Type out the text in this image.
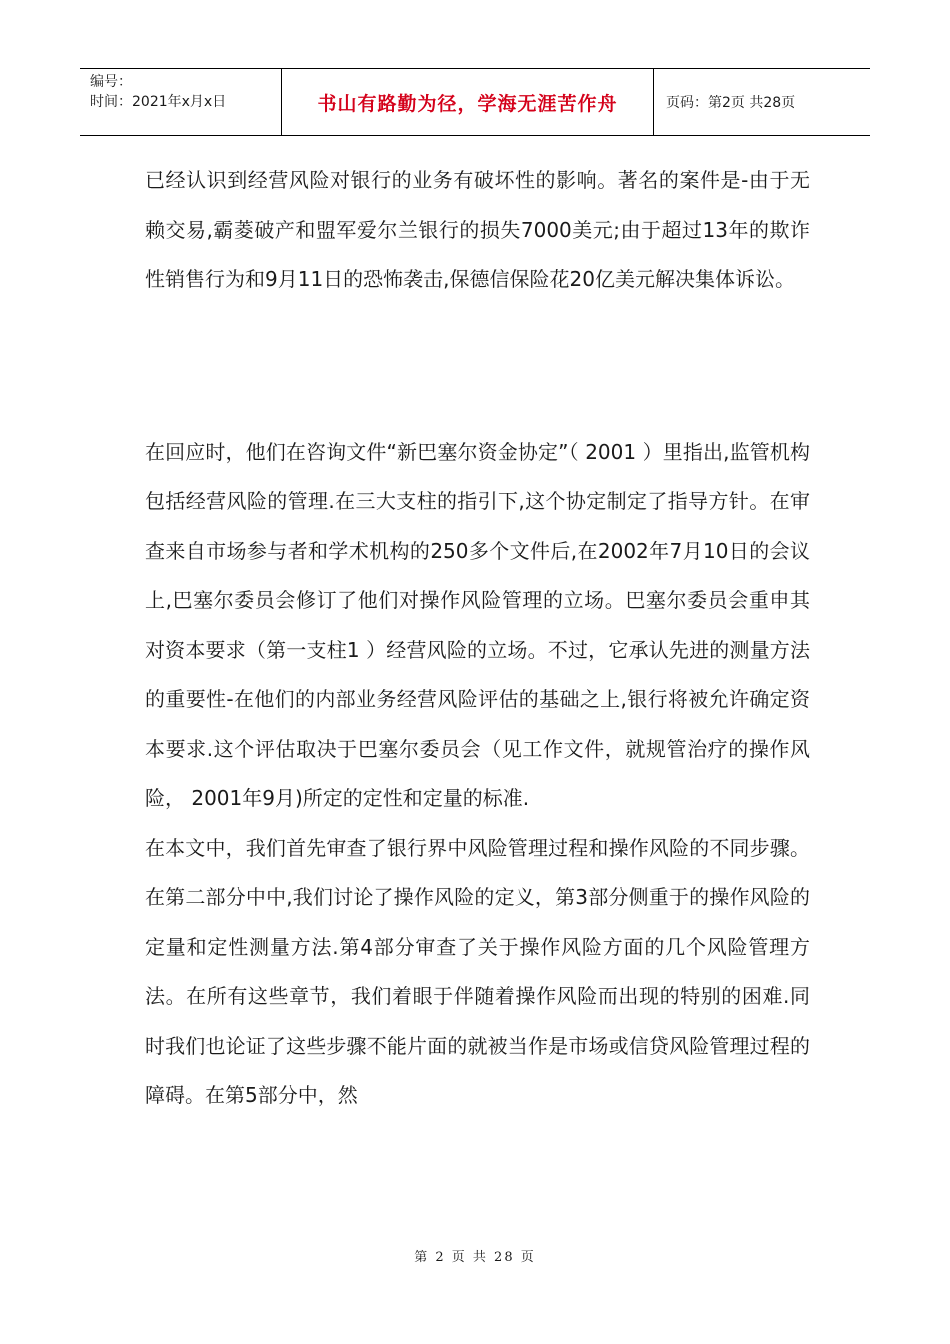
编号：
时间：2021年x月x日	书山有路勤为径，学海无涯苦作舟	页码：第2页 共28页

已经认识到经营风险对银行的业务有破坏性的影响。著名的案件是-由于无赖交易,霸菱破产和盟军爱尔兰银行的损失7000美元;由于超过13年的欺诈性销售行为和9月11日的恐怖袭击,保德信保险花20亿美元解决集体诉讼。

在回应时，他们在咨询文件“新巴塞尔资金协定”（ 2001 ）里指出,监管机构包括经营风险的管理.在三大支柱的指引下,这个协定制定了指导方针。在审查来自市场参与者和学术机构的250多个文件后,在2002年7月10日的会议上,巴塞尔委员会修订了他们对操作风险管理的立场。巴塞尔委员会重申其对资本要求（第一支柱1 ）经营风险的立场。不过，它承认先进的测量方法的重要性-在他们的内部业务经营风险评估的基础之上,银行将被允许确定资本要求.这个评估取决于巴塞尔委员会（见工作文件，就规管治疗的操作风险， 2001年9月)所定的定性和定量的标准.

在本文中，我们首先审查了银行界中风险管理过程和操作风险的不同步骤。在第二部分中中,我们讨论了操作风险的定义，第3部分侧重于的操作风险的定量和定性测量方法.第4部分审查了关于操作风险方面的几个风险管理方法。在所有这些章节，我们着眼于伴随着操作风险而出现的特别的困难.同时我们也论证了这些步骤不能片面的就被当作是市场或信贷风险管理过程的障碍。在第5部分中，然

第 2 页 共 28 页
